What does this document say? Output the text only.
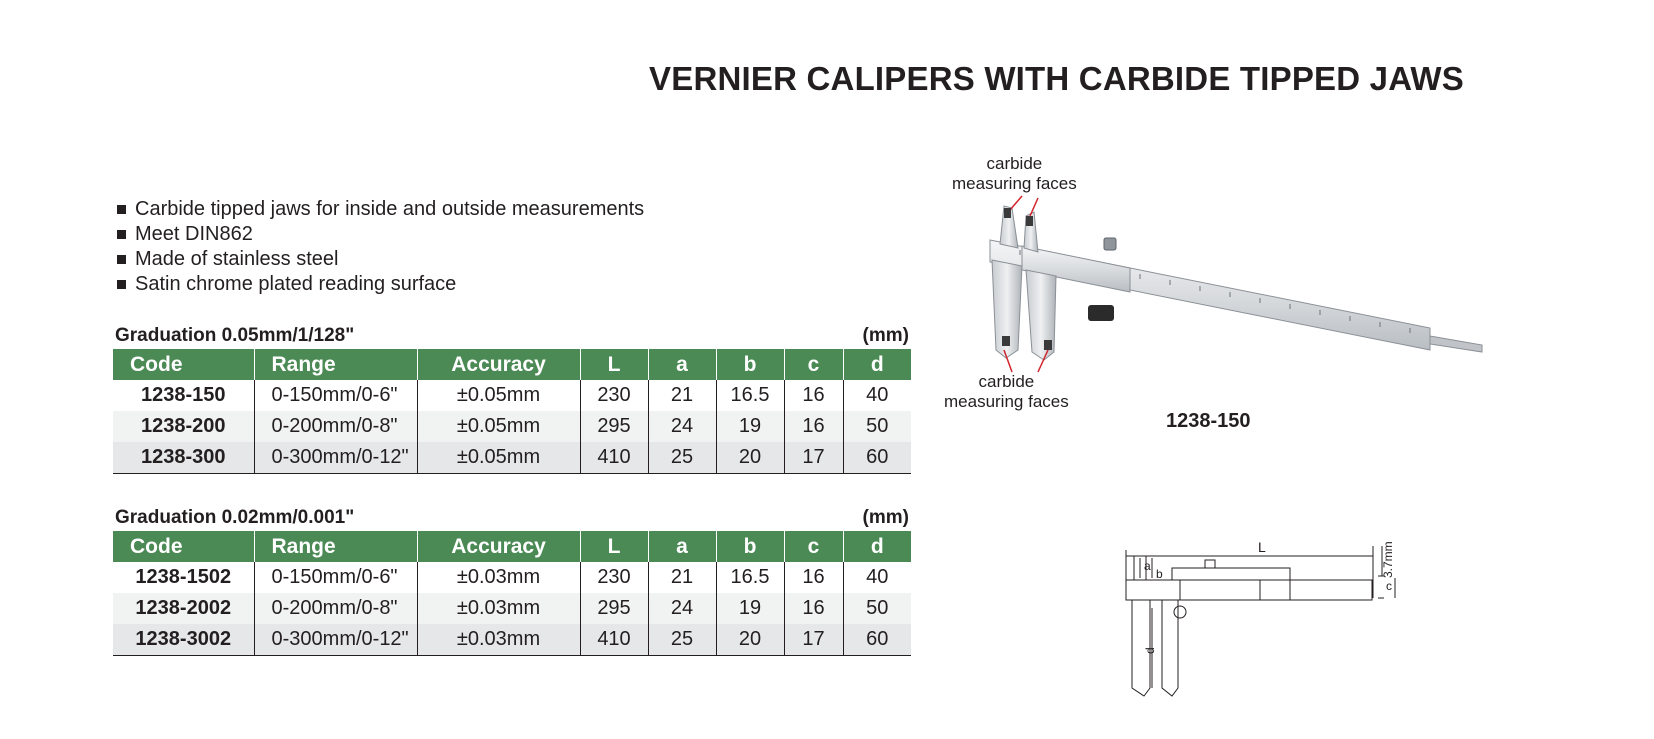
VERNIER CALIPERS WITH CARBIDE TIPPED JAWS
Carbide tipped jaws for inside and outside measurements
Meet DIN862
Made of stainless steel
Satin chrome plated reading surface
Graduation 0.05mm/1/128"	(mm)
Code	Range	Accuracy	L	a	b	c	d
1238-150	0-150mm/0-6"	±0.05mm	230	21	16.5	16	40
1238-200	0-200mm/0-8"	±0.05mm	295	24	19	16	50
1238-300	0-300mm/0-12"	±0.05mm	410	25	20	17	60
Graduation 0.02mm/0.001"	(mm)
Code	Range	Accuracy	L	a	b	c	d
1238-1502	0-150mm/0-6"	±0.03mm	230	21	16.5	16	40
1238-2002	0-200mm/0-8"	±0.03mm	295	24	19	16	50
1238-3002	0-300mm/0-12"	±0.03mm	410	25	20	17	60
carbide
measuring faces
carbide
measuring faces
1238-150
L
a
b
c
d
3.7mm
